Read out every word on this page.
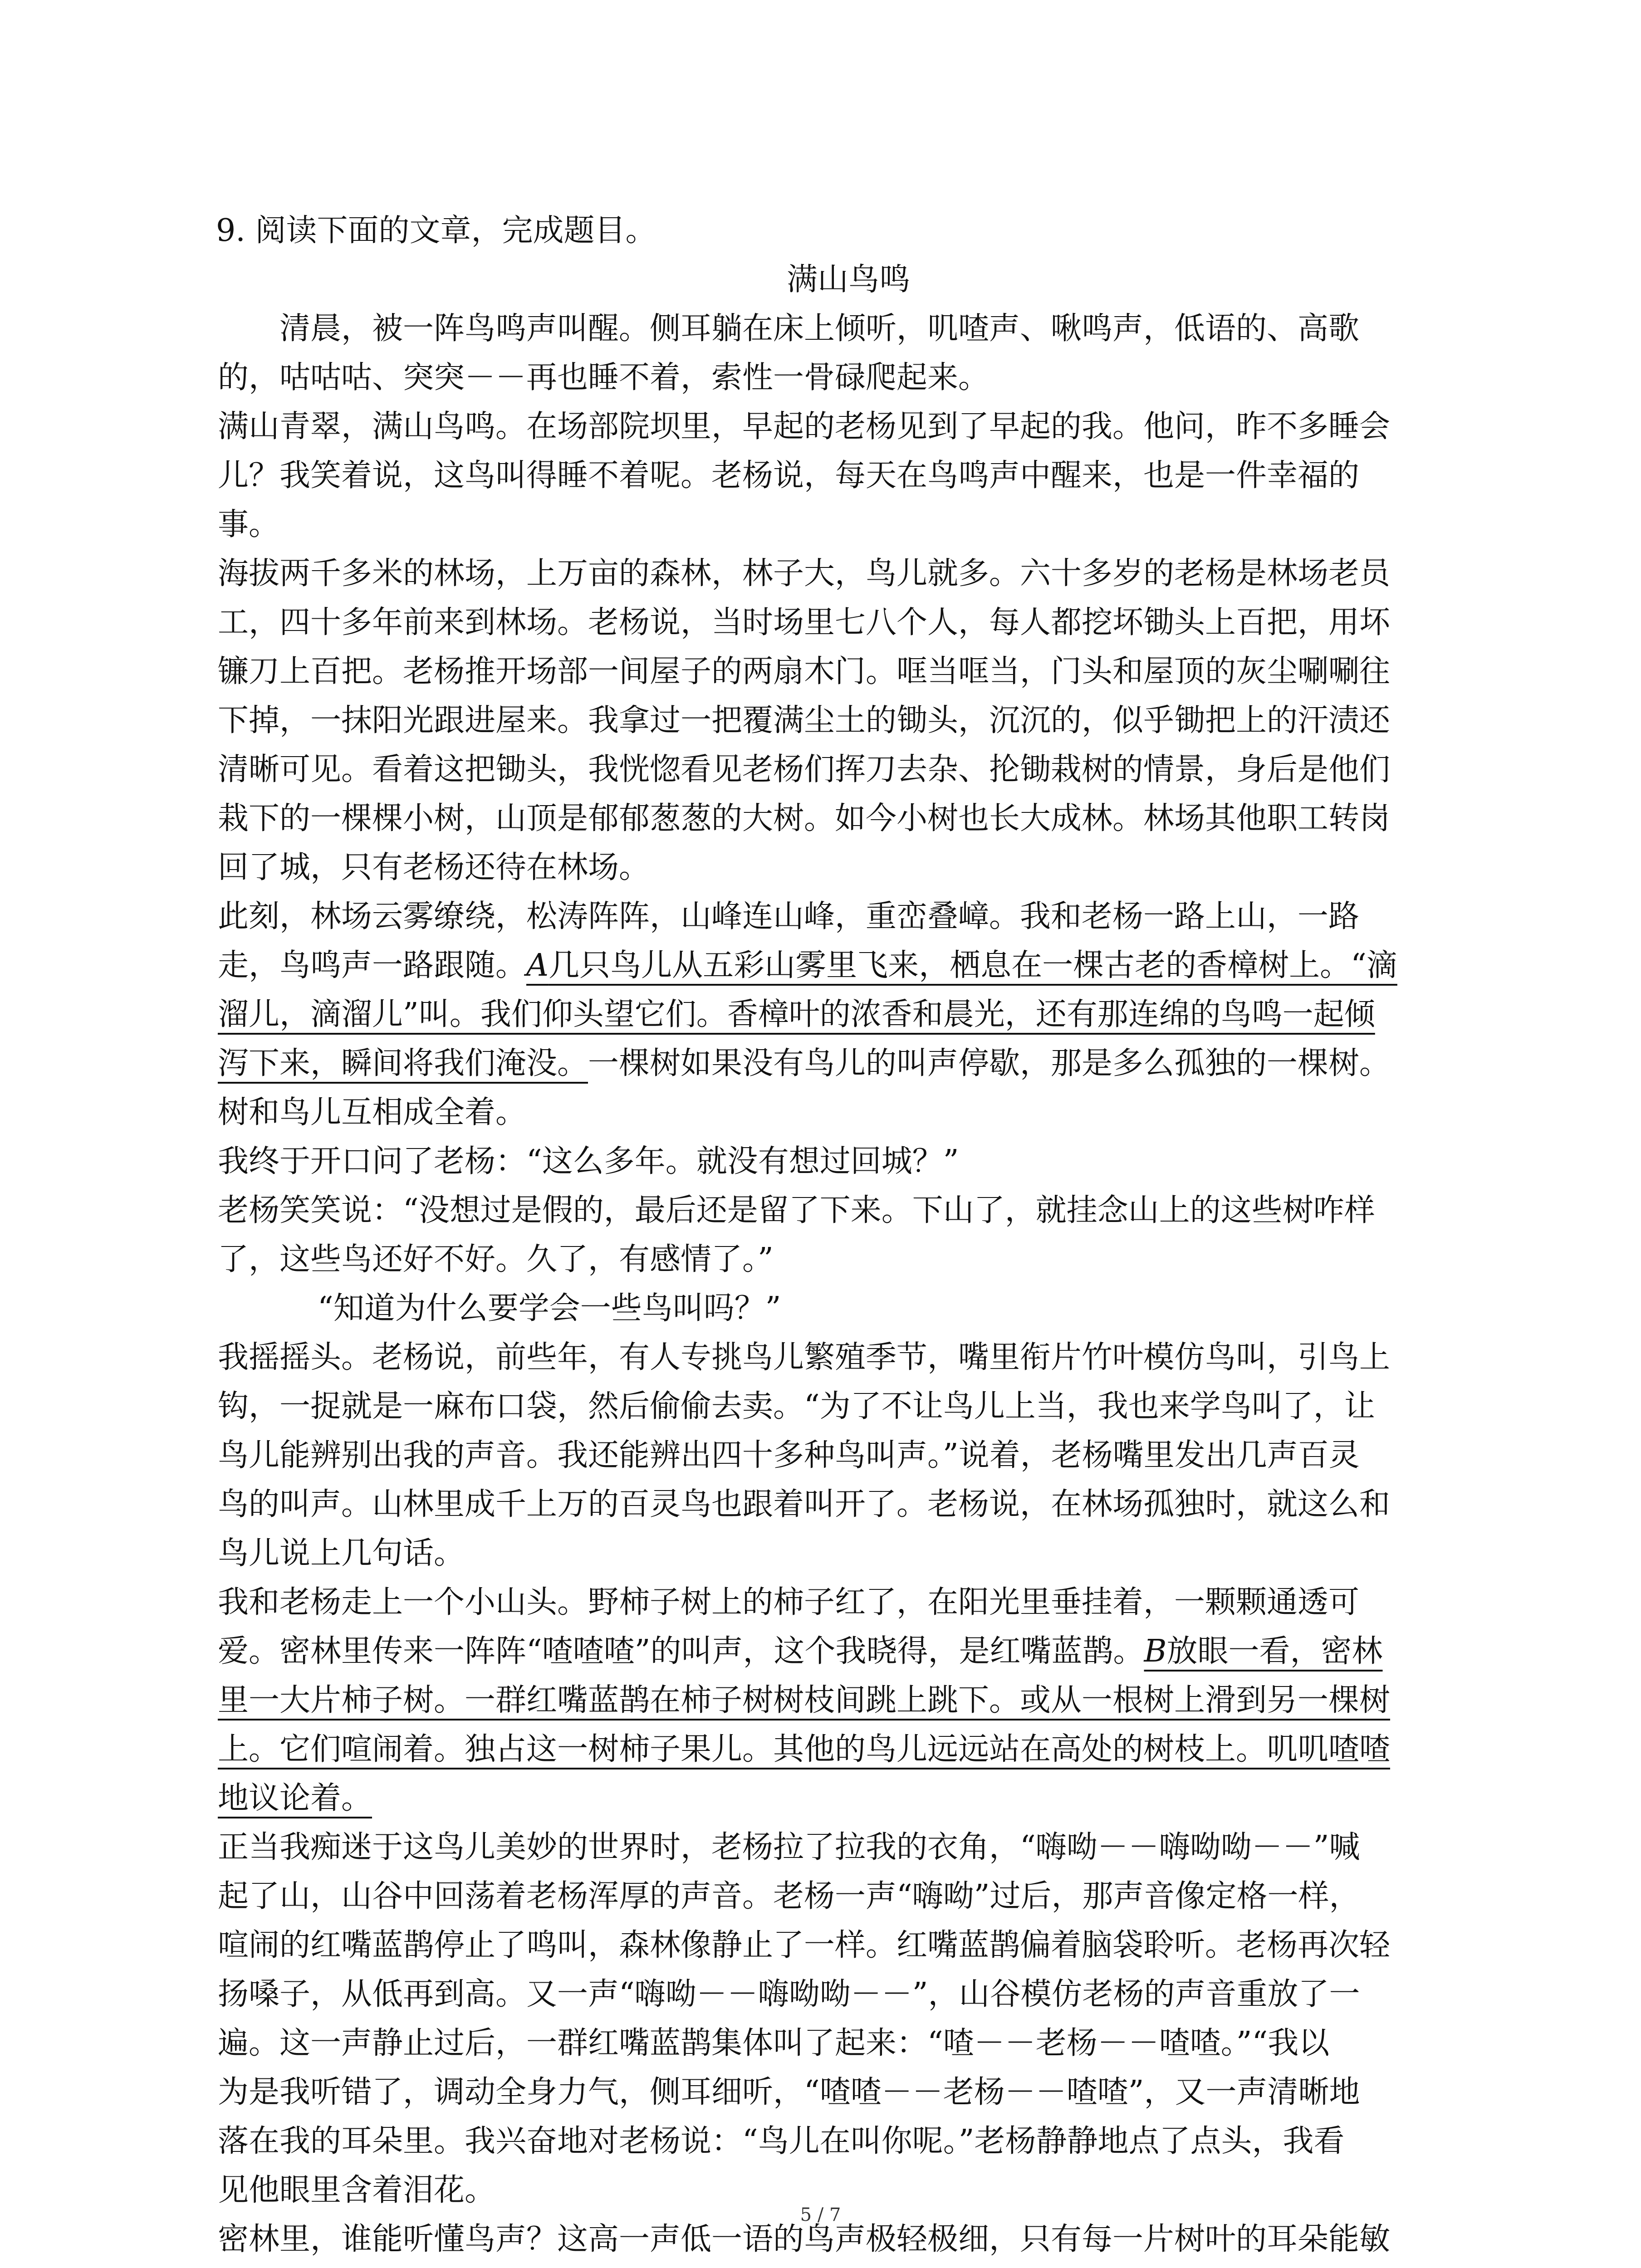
9. 阅读下面的文章，完成题目。
满山鸟鸣
清晨，被一阵鸟鸣声叫醒。侧耳躺在床上倾听，叽喳声、啾鸣声，低语的、高歌
的，咕咕咕、突突－－再也睡不着，索性一骨碌爬起来。
满山青翠，满山鸟鸣。在场部院坝里，早起的老杨见到了早起的我。他问，昨不多睡会
儿？我笑着说，这鸟叫得睡不着呢。老杨说，每天在鸟鸣声中醒来，也是一件幸福的
事。
海拔两千多米的林场，上万亩的森林，林子大，鸟儿就多。六十多岁的老杨是林场老员
工，四十多年前来到林场。老杨说，当时场里七八个人，每人都挖坏锄头上百把，用坏
镰刀上百把。老杨推开场部一间屋子的两扇木门。哐当哐当，门头和屋顶的灰尘唰唰往
下掉，一抹阳光跟进屋来。我拿过一把覆满尘土的锄头，沉沉的，似乎锄把上的汗渍还
清晰可见。看着这把锄头，我恍惚看见老杨们挥刀去杂、抡锄栽树的情景，身后是他们
栽下的一棵棵小树，山顶是郁郁葱葱的大树。如今小树也长大成林。林场其他职工转岗
回了城，只有老杨还待在林场。
此刻，林场云雾缭绕，松涛阵阵，山峰连山峰，重峦叠嶂。我和老杨一路上山，一路
走，鸟鸣声一路跟随。A几只鸟儿从五彩山雾里飞来，栖息在一棵古老的香樟树上。“滴
溜儿，滴溜儿”叫。我们仰头望它们。香樟叶的浓香和晨光，还有那连绵的鸟鸣一起倾
泻下来，瞬间将我们淹没。一棵树如果没有鸟儿的叫声停歇，那是多么孤独的一棵树。
树和鸟儿互相成全着。
我终于开口问了老杨：“这么多年。就没有想过回城？”
老杨笑笑说：“没想过是假的，最后还是留了下来。下山了，就挂念山上的这些树咋样
了，这些鸟还好不好。久了，有感情了。”
“知道为什么要学会一些鸟叫吗？”
我摇摇头。老杨说，前些年，有人专挑鸟儿繁殖季节，嘴里衔片竹叶模仿鸟叫，引鸟上
钩，一捉就是一麻布口袋，然后偷偷去卖。“为了不让鸟儿上当，我也来学鸟叫了，让
鸟儿能辨别出我的声音。我还能辨出四十多种鸟叫声。”说着，老杨嘴里发出几声百灵
鸟的叫声。山林里成千上万的百灵鸟也跟着叫开了。老杨说，在林场孤独时，就这么和
鸟儿说上几句话。
我和老杨走上一个小山头。野柿子树上的柿子红了，在阳光里垂挂着，一颗颗通透可
爱。密林里传来一阵阵“喳喳喳”的叫声，这个我晓得，是红嘴蓝鹊。B放眼一看，密林
里一大片柿子树。一群红嘴蓝鹊在柿子树树枝间跳上跳下。或从一根树上滑到另一棵树
上。它们喧闹着。独占这一树柿子果儿。其他的鸟儿远远站在高处的树枝上。叽叽喳喳
地议论着。
正当我痴迷于这鸟儿美妙的世界时，老杨拉了拉我的衣角，“嗨呦－－嗨呦呦－－”喊
起了山，山谷中回荡着老杨浑厚的声音。老杨一声“嗨呦”过后，那声音像定格一样，
喧闹的红嘴蓝鹊停止了鸣叫，森林像静止了一样。红嘴蓝鹊偏着脑袋聆听。老杨再次轻
扬嗓子，从低再到高。又一声“嗨呦－－嗨呦呦－－”，山谷模仿老杨的声音重放了一
遍。这一声静止过后，一群红嘴蓝鹊集体叫了起来：“喳－－老杨－－喳喳。”“我以
为是我听错了，调动全身力气，侧耳细听，“喳喳－－老杨－－喳喳”，又一声清晰地
落在我的耳朵里。我兴奋地对老杨说：“鸟儿在叫你呢。”老杨静静地点了点头，我看
见他眼里含着泪花。
密林里，谁能听懂鸟声？这高一声低一语的鸟声极轻极细，只有每一片树叶的耳朵能敏
5 / 7
